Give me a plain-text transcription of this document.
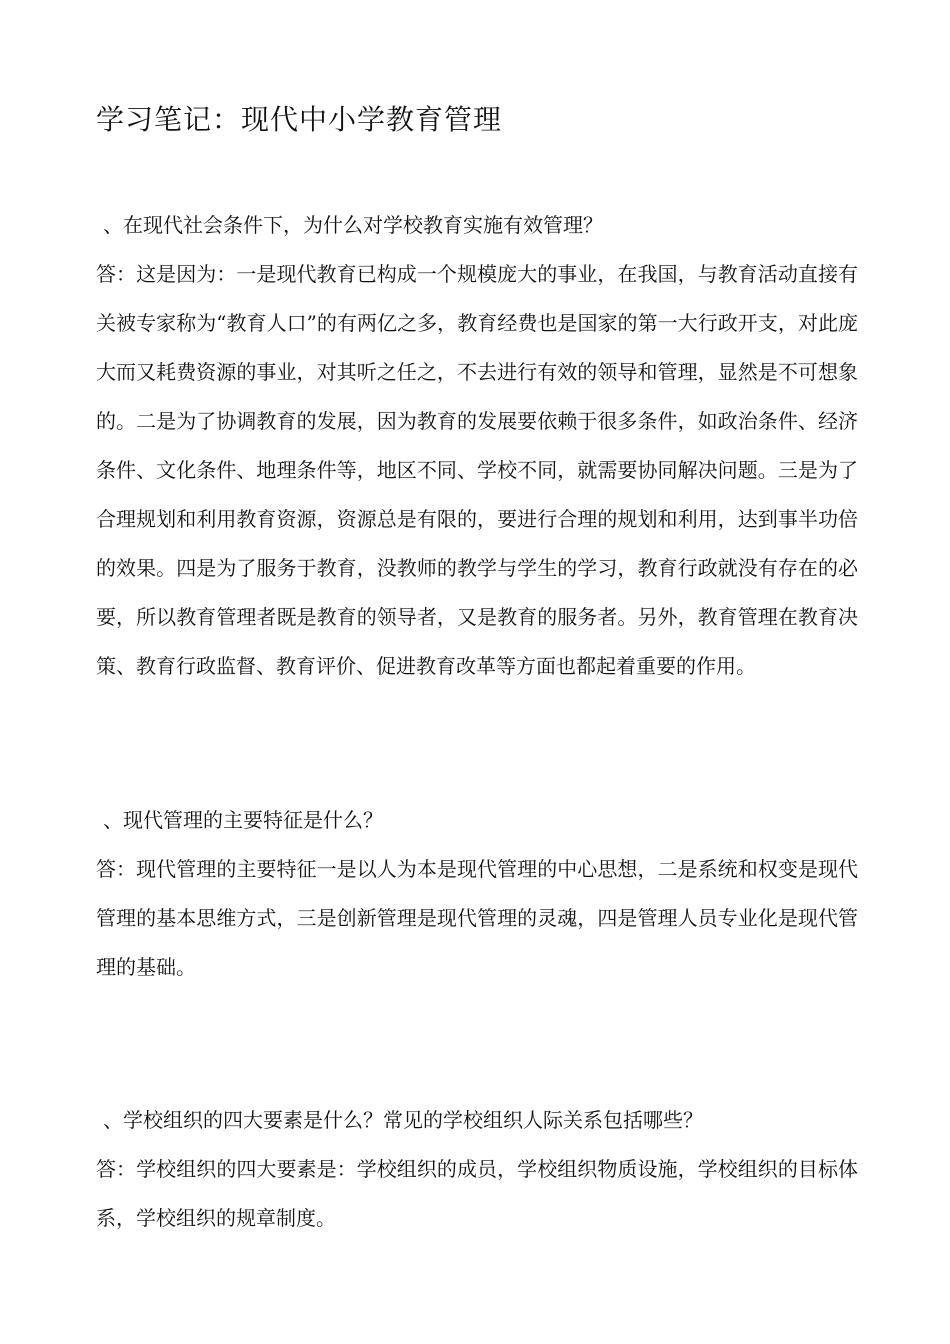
学习笔记：现代中小学教育管理

、在现代社会条件下，为什么对学校教育实施有效管理？

答：这是因为：一是现代教育已构成一个规模庞大的事业，在我国，与教育活动直接有关被专家称为“教育人口”的有两亿之多，教育经费也是国家的第一大行政开支，对此庞大而又耗费资源的事业，对其听之任之，不去进行有效的领导和管理，显然是不可想象的。二是为了协调教育的发展，因为教育的发展要依赖于很多条件，如政治条件、经济条件、文化条件、地理条件等，地区不同、学校不同，就需要协同解决问题。三是为了合理规划和利用教育资源，资源总是有限的，要进行合理的规划和利用，达到事半功倍的效果。四是为了服务于教育，没教师的教学与学生的学习，教育行政就没有存在的必要，所以教育管理者既是教育的领导者，又是教育的服务者。另外，教育管理在教育决策、教育行政监督、教育评价、促进教育改革等方面也都起着重要的作用。

、现代管理的主要特征是什么？

答：现代管理的主要特征一是以人为本是现代管理的中心思想，二是系统和权变是现代管理的基本思维方式，三是创新管理是现代管理的灵魂，四是管理人员专业化是现代管理的基础。

、学校组织的四大要素是什么？常见的学校组织人际关系包括哪些？

答：学校组织的四大要素是：学校组织的成员，学校组织物质设施，学校组织的目标体系，学校组织的规章制度。
